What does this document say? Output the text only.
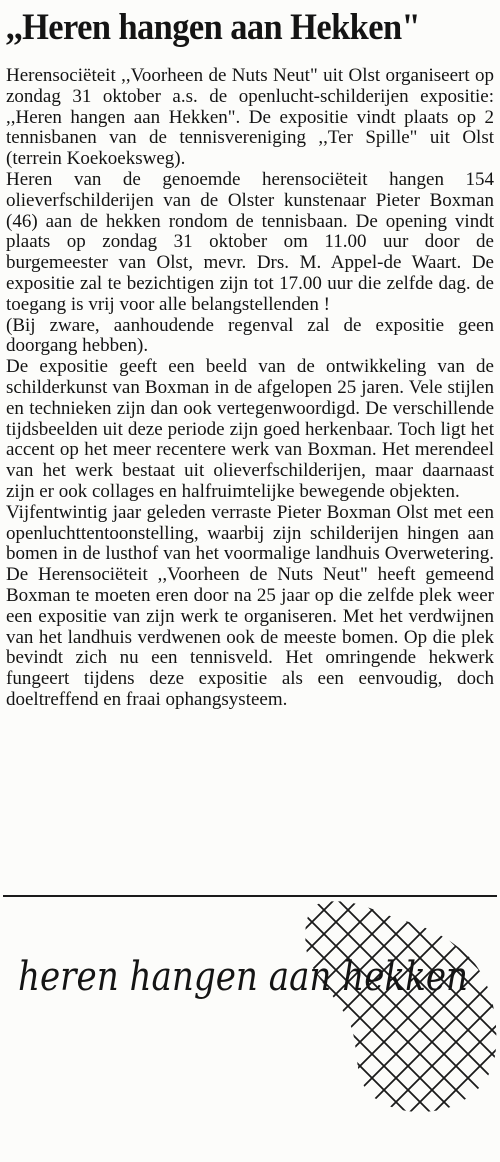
,,Heren hangen aan Hekken"

Herensociëteit ,,Voorheen de Nuts Neut" uit Olst organiseert op zondag 31 oktober a.s. de openlucht-schilderijen expositie: ,,Heren hangen aan Hekken". De expositie vindt plaats op 2 tennisbanen van de tennisvereniging ,,Ter Spille" uit Olst (terrein Koekoeksweg).

Heren van de genoemde herensociëteit hangen 154 olieverfschilderijen van de Olster kunstenaar Pieter Boxman (46) aan de hekken rondom de tennisbaan. De opening vindt plaats op zondag 31 oktober om 11.00 uur door de burgemeester van Olst, mevr. Drs. M. Appel-de Waart. De expositie zal te bezichtigen zijn tot 17.00 uur die zelfde dag. de toegang is vrij voor alle belangstellenden !

(Bij zware, aanhoudende regenval zal de expositie geen doorgang hebben).

De expositie geeft een beeld van de ontwikkeling van de schilderkunst van Boxman in de afgelopen 25 jaren. Vele stijlen en technieken zijn dan ook vertegenwoordigd. De verschillende tijdsbeelden uit deze periode zijn goed herkenbaar. Toch ligt het accent op het meer recentere werk van Boxman. Het merendeel van het werk bestaat uit olieverfschilderijen, maar daarnaast zijn er ook collages en halfruimtelijke bewegende objekten.

Vijfentwintig jaar geleden verraste Pieter Boxman Olst met een openluchttentoonstelling, waarbij zijn schilderijen hingen aan bomen in de lusthof van het voormalige landhuis Overwetering. De Herensociëteit ,,Voorheen de Nuts Neut" heeft gemeend Boxman te moeten eren door na 25 jaar op die zelfde plek weer een expositie van zijn werk te organiseren. Met het verdwijnen van het landhuis verdwenen ook de meeste bomen. Op die plek bevindt zich nu een tennisveld. Het omringende hekwerk fungeert tijdens deze expositie als een eenvoudig, doch doeltreffend en fraai ophangsysteem.

heren hangen aan hekken
